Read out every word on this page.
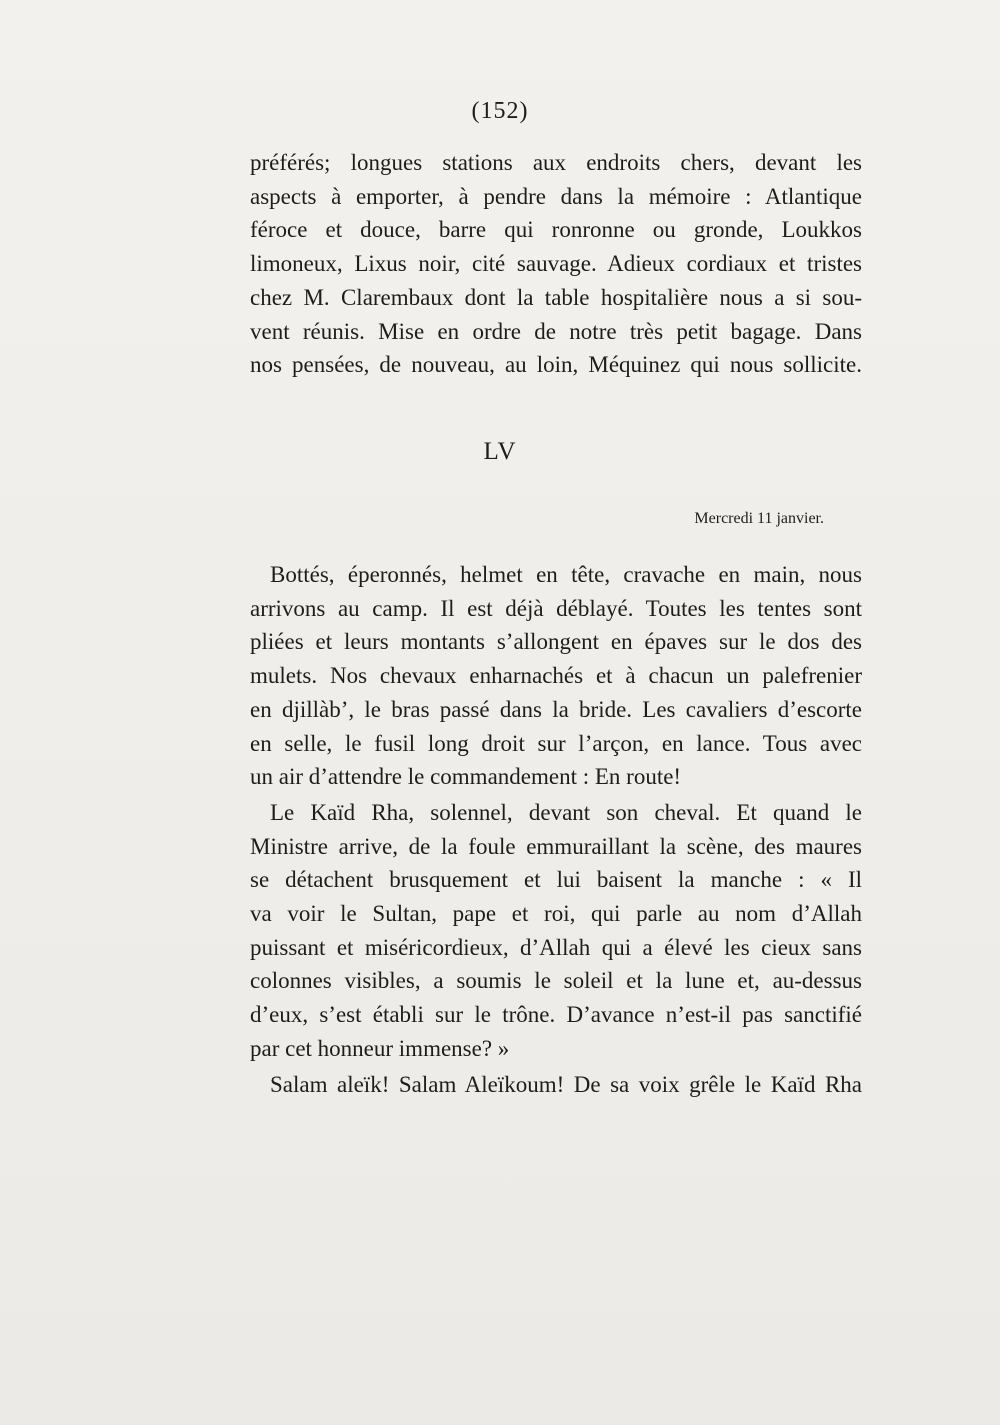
(152)
préférés; longues stations aux endroits chers, devant les
aspects à emporter, à pendre dans la mémoire : Atlantique
féroce et douce, barre qui ronronne ou gronde, Loukkos
limoneux, Lixus noir, cité sauvage. Adieux cordiaux et tristes
chez M. Clarembaux dont la table hospitalière nous a si sou-
vent réunis. Mise en ordre de notre très petit bagage. Dans
nos pensées, de nouveau, au loin, Méquinez qui nous sollicite.
LV
Mercredi 11 janvier.
Bottés, éperonnés, helmet en tête, cravache en main, nous
arrivons au camp. Il est déjà déblayé. Toutes les tentes sont
pliées et leurs montants s’allongent en épaves sur le dos des
mulets. Nos chevaux enharnachés et à chacun un palefrenier
en djillàb’, le bras passé dans la bride. Les cavaliers d’escorte
en selle, le fusil long droit sur l’arçon, en lance. Tous avec
un air d’attendre le commandement : En route!
Le Kaïd Rha, solennel, devant son cheval. Et quand le
Ministre arrive, de la foule emmuraillant la scène, des maures
se détachent brusquement et lui baisent la manche : « Il
va voir le Sultan, pape et roi, qui parle au nom d’Allah
puissant et miséricordieux, d’Allah qui a élevé les cieux sans
colonnes visibles, a soumis le soleil et la lune et, au-dessus
d’eux, s’est établi sur le trône. D’avance n’est-il pas sanctifié
par cet honneur immense? »
Salam aleïk! Salam Aleïkoum! De sa voix grêle le Kaïd Rha
